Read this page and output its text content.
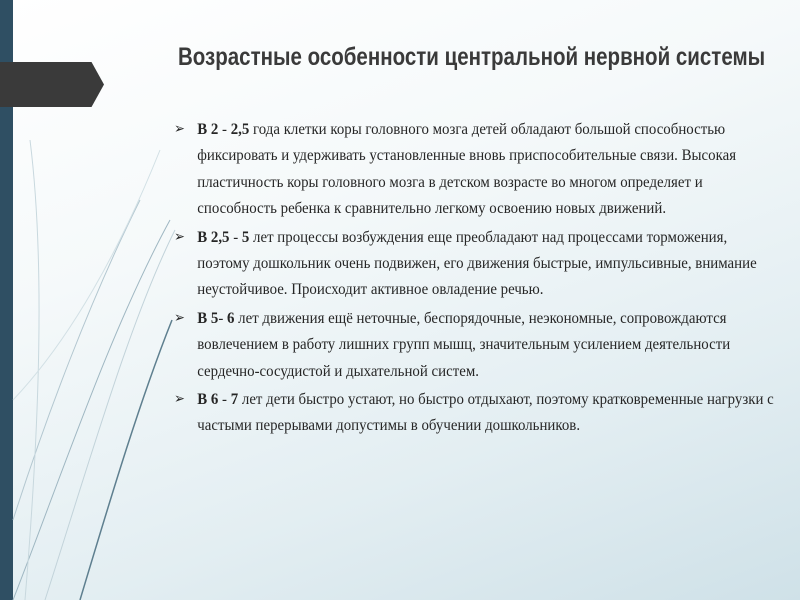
Возрастные особенности центральной нервной системы
➢ В 2 - 2,5 года клетки коры головного мозга детей обладают большой способностью фиксировать и удерживать установленные вновь приспособительные связи. Высокая пластичность коры головного мозга в детском возрасте во многом определяет и способность ребенка к сравнительно легкому освоению новых движений.
➢ В 2,5 - 5 лет процессы возбуждения еще преобладают над процессами торможения, поэтому дошкольник очень подвижен, его движения быстрые, импульсивные, внимание неустойчивое. Происходит активное овладение речью.
➢ В 5- 6 лет движения ещё неточные, беспорядочные, неэкономные, сопровождаются вовлечением в работу лишних групп мышц, значительным усилением деятельности сердечно-сосудистой и дыхательной систем.
➢ В 6 - 7 лет дети быстро устают, но быстро отдыхают, поэтому кратковременные нагрузки с частыми перерывами допустимы в обучении дошкольников.
